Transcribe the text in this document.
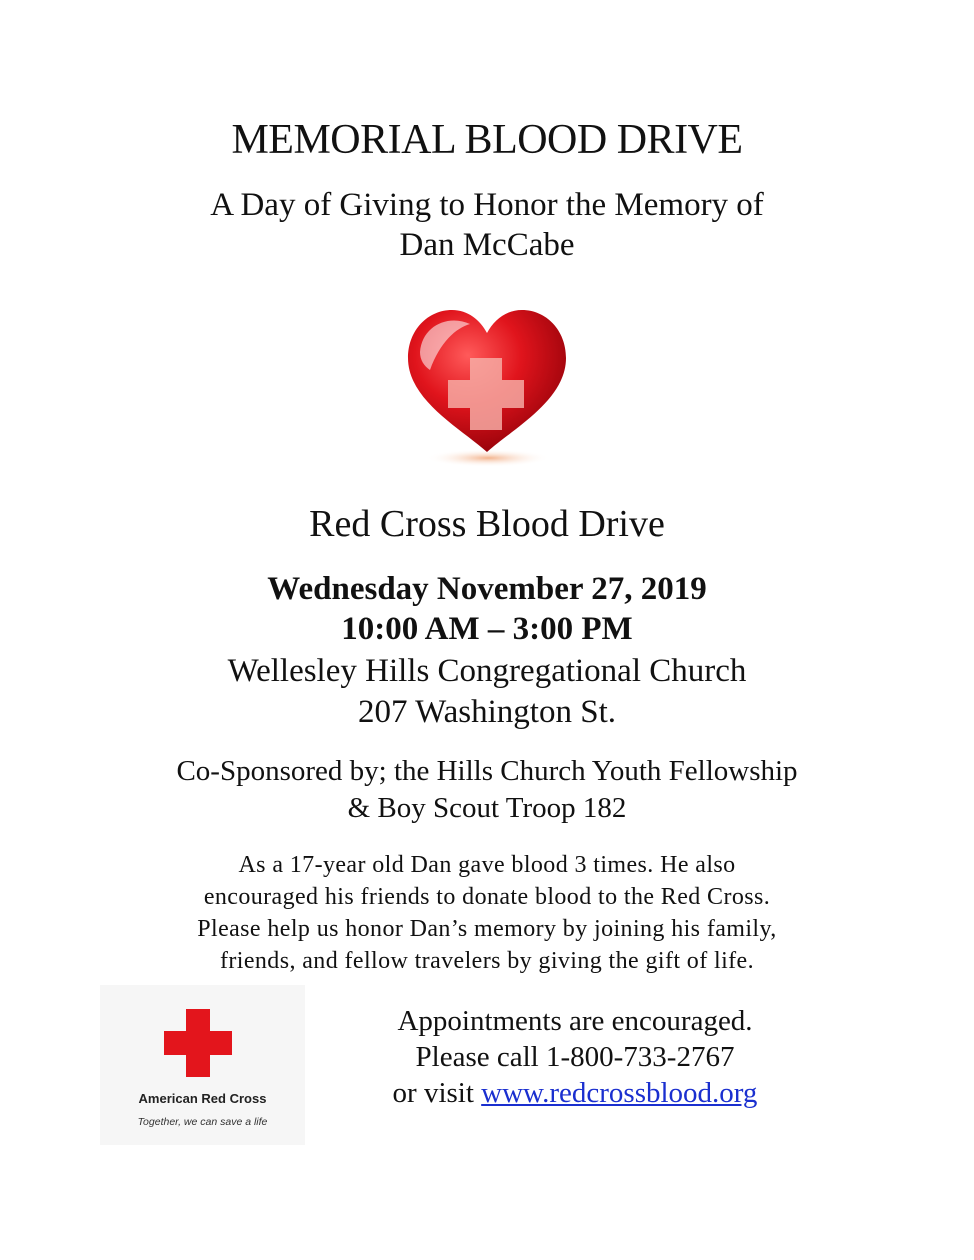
MEMORIAL BLOOD DRIVE
A Day of Giving to Honor the Memory of
Dan McCabe
Red Cross Blood Drive
Wednesday November 27, 2019
10:00 AM – 3:00 PM
Wellesley Hills Congregational Church
207 Washington St.
Co-Sponsored by; the Hills Church Youth Fellowship
& Boy Scout Troop 182
As a 17-year old Dan gave blood 3 times. He also
encouraged his friends to donate blood to the Red Cross.
Please help us honor Dan’s memory by joining his family,
friends, and fellow travelers by giving the gift of life.
American Red Cross
Together, we can save a life
Appointments are encouraged.
Please call 1-800-733-2767
or visit www.redcrossblood.org
